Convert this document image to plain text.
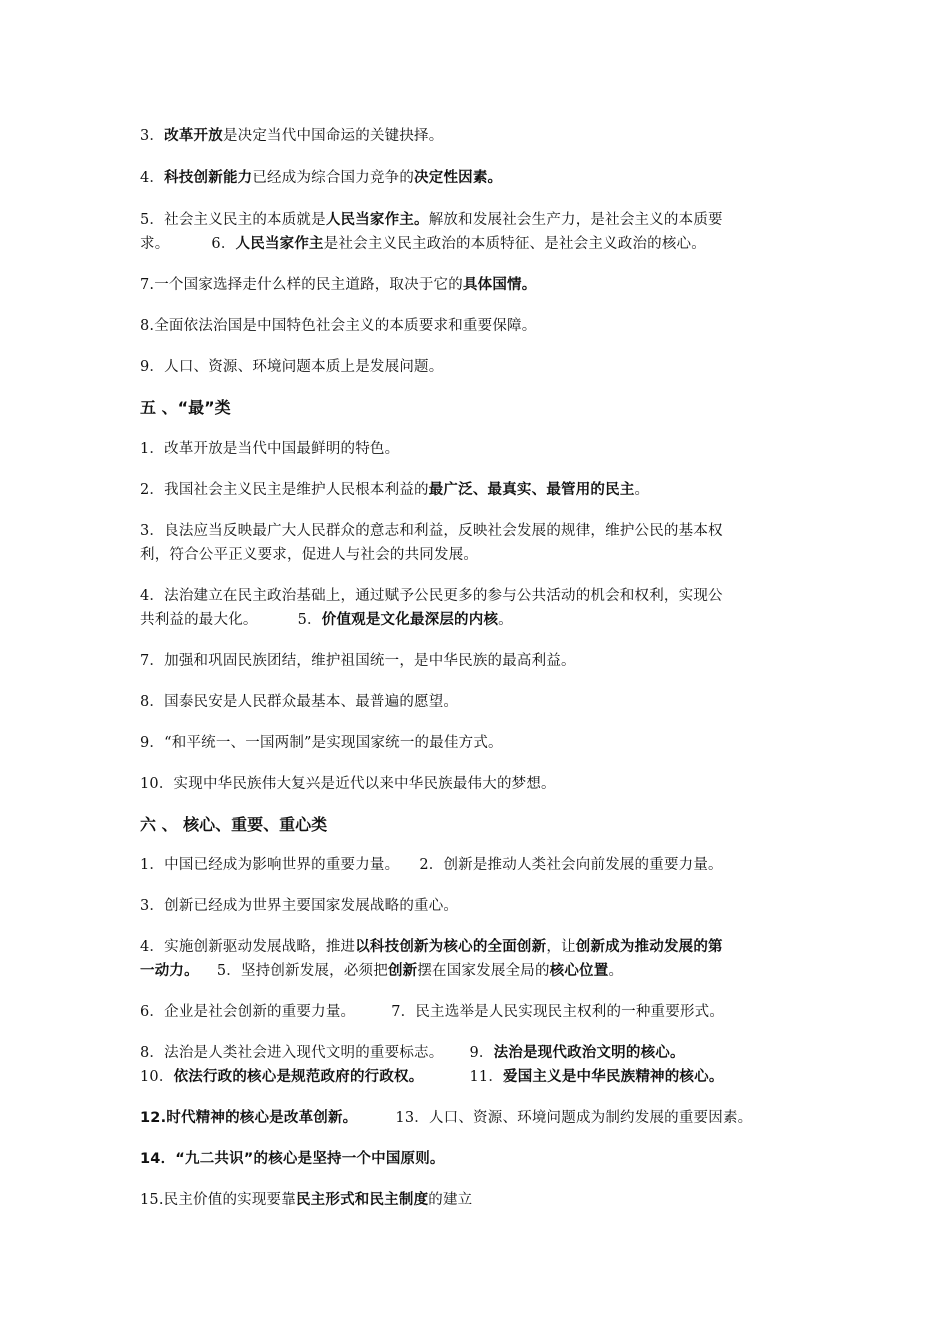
3．改革开放是决定当代中国命运的关键抉择。
4．科技创新能力已经成为综合国力竞争的决定性因素。
5．社会主义民主的本质就是人民当家作主。解放和发展社会生产力，是社会主义的本质要
求。	6．人民当家作主是社会主义民主政治的本质特征、是社会主义政治的核心。
7.一个国家选择走什么样的民主道路，取决于它的具体国情。
8.全面依法治国是中国特色社会主义的本质要求和重要保障。
9．人口、资源、环境问题本质上是发展问题。
五 、“最”类
1．改革开放是当代中国最鲜明的特色。
2．我国社会主义民主是维护人民根本利益的最广泛、最真实、最管用的民主。
3．良法应当反映最广大人民群众的意志和利益，反映社会发展的规律，维护公民的基本权
利，符合公平正义要求，促进人与社会的共同发展。
4．法治建立在民主政治基础上，通过赋予公民更多的参与公共活动的机会和权利，实现公
共利益的最大化。	5．价值观是文化最深层的内核。
7．加强和巩固民族团结，维护祖国统一，是中华民族的最高利益。
8．国泰民安是人民群众最基本、最普遍的愿望。
9．“和平统一、一国两制”是实现国家统一的最佳方式。
10．实现中华民族伟大复兴是近代以来中华民族最伟大的梦想。
六 、 核心、重要、重心类
1．中国已经成为影响世界的重要力量。 2．创新是推动人类社会向前发展的重要力量。
3．创新已经成为世界主要国家发展战略的重心。
4．实施创新驱动发展战略，推进以科技创新为核心的全面创新，让创新成为推动发展的第
一动力。 5．坚持创新发展，必须把创新摆在国家发展全局的核心位置。
6．企业是社会创新的重要力量。 7．民主选举是人民实现民主权利的一种重要形式。
8．法治是人类社会进入现代文明的重要标志。 9．法治是现代政治文明的核心。
10．依法行政的核心是规范政府的行政权。	11．爱国主义是中华民族精神的核心。
12.时代精神的核心是改革创新。	13．人口、资源、环境问题成为制约发展的重要因素。
14．“九二共识”的核心是坚持一个中国原则。
15.民主价值的实现要靠民主形式和民主制度的建立
